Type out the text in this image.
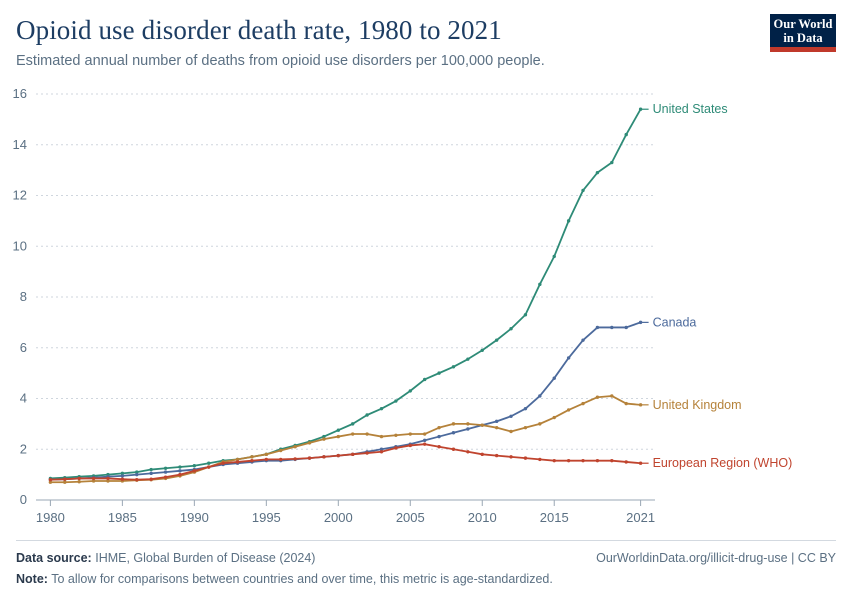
Opioid use disorder death rate, 1980 to 2021
Estimated annual number of deaths from opioid use disorders per 100,000 people.
Our World
in Data
0
2
4
6
8
10
12
14
16
1980	1985	1990	1995	2000	2005	2010	2015	2021
United States
Canada
United Kingdom
European Region (WHO)
Data source: IHME, Global Burden of Disease (2024)	OurWorldinData.org/illicit-drug-use | CC BY
Note: To allow for comparisons between countries and over time, this metric is age-standardized.
